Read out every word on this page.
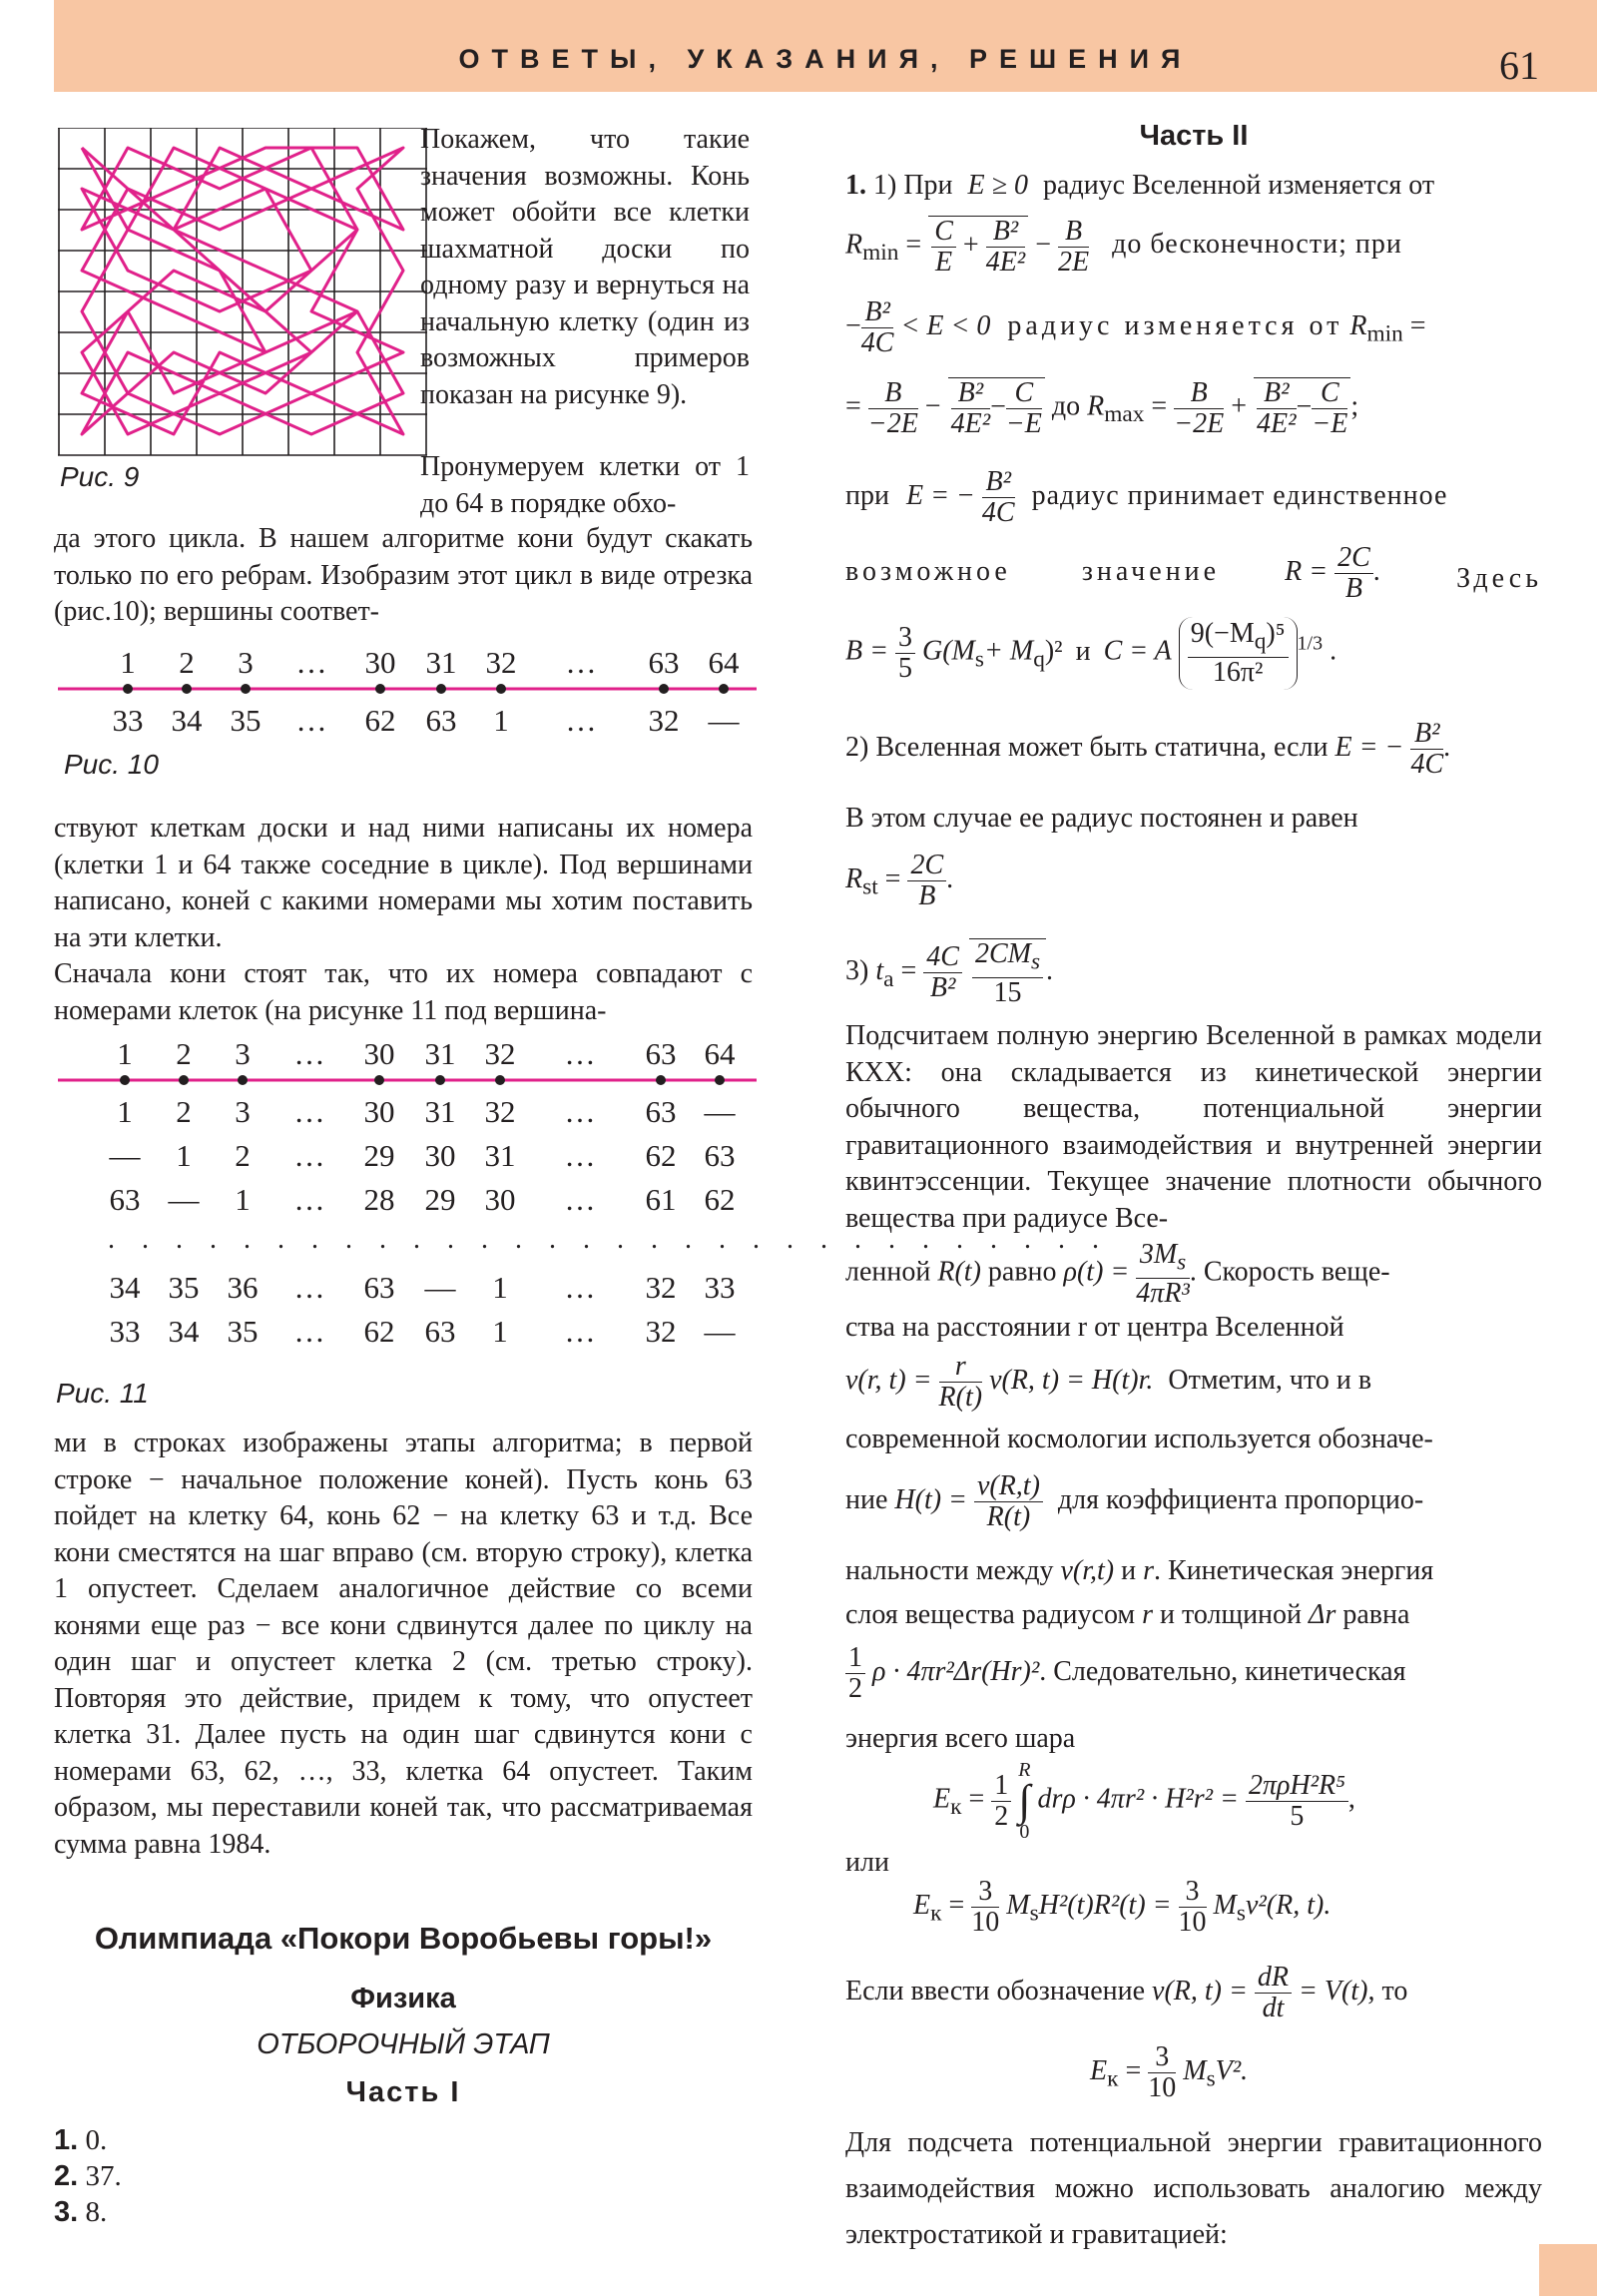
ОТВЕТЫ, УКАЗАНИЯ, РЕШЕНИЯ	61
Рис. 9

Покажем, что такие значения возможны. Конь может обойти все клетки шахматной доски по одному разу и вернуться на начальную клетку (один из возможных примеров показан на рисунке 9).

Пронумеруем клетки от 1 до 64 в порядке обхо-

да этого цикла. В нашем алгоритме кони будут скакать только по его ребрам. Изобразим этот цикл в виде отрезка (рис.10); вершины соответ-

1 2 3 … 30 31 32 … 63 64
33 34 35 … 62 63 1 … 32 —
Рис. 10

ствуют клеткам доски и над ними написаны их номера (клетки 1 и 64 также соседние в цикле). Под вершинами написано, коней с какими номерами мы хотим поставить на эти клетки.

Сначала кони стоят так, что их номера совпадают с номерами клеток (на рисунке 11 под вершина-

1 2 3 … 30 31 32 … 63 64
1 2 3 … 30 31 32 … 63 —
— 1 2 … 29 30 31 … 62 63
63 — 1 … 28 29 30 … 61 62
. . . . . . . . . . . . . . . . . . . . . . . . . . . . . .
34 35 36 … 63 — 1 … 32 33
33 34 35 … 62 63 1 … 32 —
Рис. 11

ми в строках изображены этапы алгоритма; в первой строке − начальное положение коней). Пусть конь 63 пойдет на клетку 64, конь 62 − на клетку 63 и т.д. Все кони сместятся на шаг вправо (см. вторую строку), клетка 1 опустеет. Сделаем аналогичное действие со всеми конями еще раз − все кони сдвинутся далее по циклу на один шаг и опустеет клетка 2 (см. третью строку). Повторяя это действие, придем к тому, что опустеет клетка 31. Далее пусть на один шаг сдвинутся кони с номерами 63, 62, …, 33, клетка 64 опустеет. Таким образом, мы переставили коней так, что рассматриваемая сумма равна 1984.

Олимпиада «Покори Воробьевы горы!»
Физика
ОТБОРОЧНЫЙ ЭТАП
Часть I
1. 0.
2. 37.
3. 8.
Часть II
1. 1) При E ≥ 0 радиус Вселенной изменяется от
$R_{min} = \frac{C}{E} + \frac{\text{B²}}{\text{4E²}} - \frac{B}{2E}$ до бесконечности; при
− $\frac{\text{B²}}{4C} < E < 0$ радиус изменяется от $R_{min}$ =
= $\frac{B}{-2E} - \frac{\text{B²}}{\text{4E²}} - \frac{C}{-E}$ до $R_{max} = \frac{B}{-2E} + \frac{\text{B²}}{\text{4E²}} - \frac{C}{-E}$ ;
при E = − $\frac{\text{B²}}{4C}$ радиус принимает единственное
возможное	значение $R = \frac{2C}{B}$ .	Здесь
$B = \frac{3}{5} G(M_s+ M_q)^2$ и C = A $\frac{9(-M_q)^5}{\text{16π²}} ^{1/3}$ .
2) Вселенная может быть статична, если E = − $\frac{\text{B²}}{4C}$ .

В этом случае ее радиус постоянен и равен

$R_{st} = \frac{2C}{B}$ .
3) $t_a = \frac{4C}{\text{B²}}$
$\frac{2CM_s}{15}$ .

Подсчитаем полную энергию Вселенной в рамках модели КХХ: она складывается из кинетической энергии обычного вещества, потенциальной энергии гравитационного взаимодействия и внутренней энергии квинтэссенции. Текущее значение плотности обычного вещества при радиусе Все-

ленной R(t) равно $\rho(t) = \frac{3M_s}{\text{4πR³}}$ . Скорость веще-

ства на расстоянии r от центра Вселенной

v(r, $t) = \frac{r}{R(t)} v(R$, t) = H(t)r. Отметим, что и в

современной космологии используется обозначе-

ние $H(t) = \frac{v(R,t)}{R(t)}$ для коэффициента пропорцио-
нальности между v(r,t) и r. Кинетическая энергия
слоя вещества радиусом r и толщиной Δr равна
$\frac{1}{2}$ ρ · 4πr²Δr(Hr)². Следовательно, кинетическая

энергия всего шара

$E_к = \frac{1}{2}$

R
∫
0
$dr\rho \cdot 4\pi r^2 \cdot H^2r^2 = \frac{\text{2πρH²R⁵}}{5}$ ,

или

$E_к = \frac{3}{10} M_sH^2(t)R^2(t) = \frac{3}{10} M_sv^2(R$, t).
Если ввести обозначение v(R, $t) = \frac{dR}{dt} = V(t)$, то
$E_к = \frac{3}{10} M_sV^2$.

Для подсчета потенциальной энергии гравитационного взаимодействия можно использовать аналогию между электростатикой и гравитацией:
